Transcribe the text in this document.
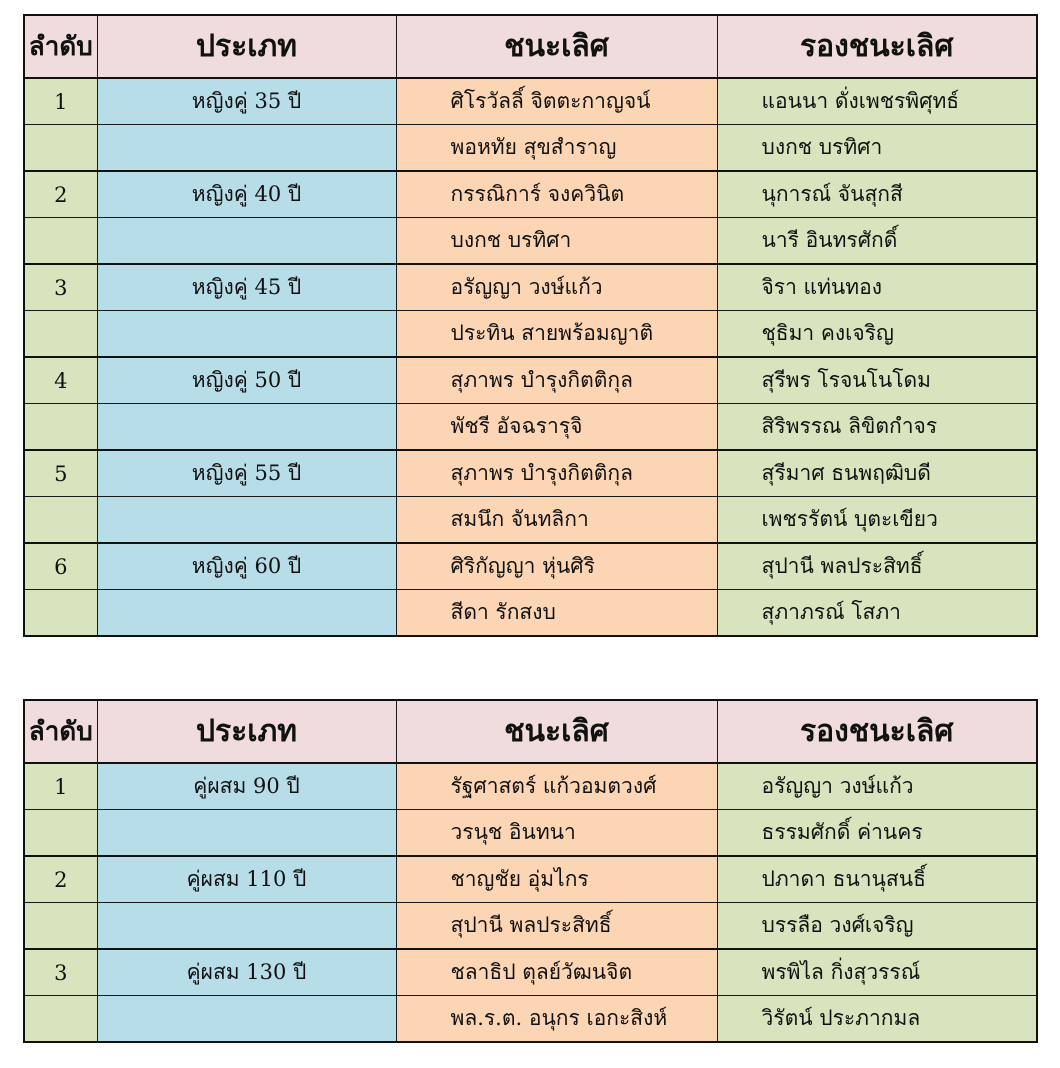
ลำดับ	ประเภท	ชนะเลิศ	รองชนะเลิศ
1	หญิงคู่ 35 ปี	ศิโรวัลลิ์ จิตตะกาญจน์	แอนนา ดั่งเพชรพิศุทธ์
		พอหทัย สุขสำราญ	บงกช บรทิศา
2	หญิงคู่ 40 ปี	กรรณิการ์ จงควินิต	นุการณ์ จันสุกสี
		บงกช บรทิศา	นารี อินทรศักดิ์
3	หญิงคู่ 45 ปี	อรัญญา วงษ์แก้ว	จิรา แท่นทอง
		ประทิน สายพร้อมญาติ	ชุธิมา คงเจริญ
4	หญิงคู่ 50 ปี	สุภาพร บำรุงกิตติกุล	สุรีพร โรจนโนโดม
		พัชรี อัจฉรารุจิ	สิริพรรณ ลิขิตกำจร
5	หญิงคู่ 55 ปี	สุภาพร บำรุงกิตติกุล	สุรีมาศ ธนพฤฒิบดี
		สมนึก จันทลิกา	เพชรรัตน์ บุตะเขียว
6	หญิงคู่ 60 ปี	ศิริกัญญา หุ่นศิริ	สุปานี พลประสิทธิ์
		สีดา รักสงบ	สุภาภรณ์ โสภา
ลำดับ	ประเภท	ชนะเลิศ	รองชนะเลิศ
1	คู่ผสม 90 ปี	รัฐศาสตร์ แก้วอมตวงศ์	อรัญญา วงษ์แก้ว
		วรนุช อินทนา	ธรรมศักดิ์ ค่านคร
2	คู่ผสม 110 ปี	ชาญชัย อุ่มไกร	ปภาดา ธนานุสนธิ์
		สุปานี พลประสิทธิ์	บรรลือ วงศ์เจริญ
3	คู่ผสม 130 ปี	ชลาธิป ตุลย์วัฒนจิต	พรพิไล กิ่งสุวรรณ์
		พล.ร.ต. อนุกร เอกะสิงห์	วิรัตน์ ประภากมล
